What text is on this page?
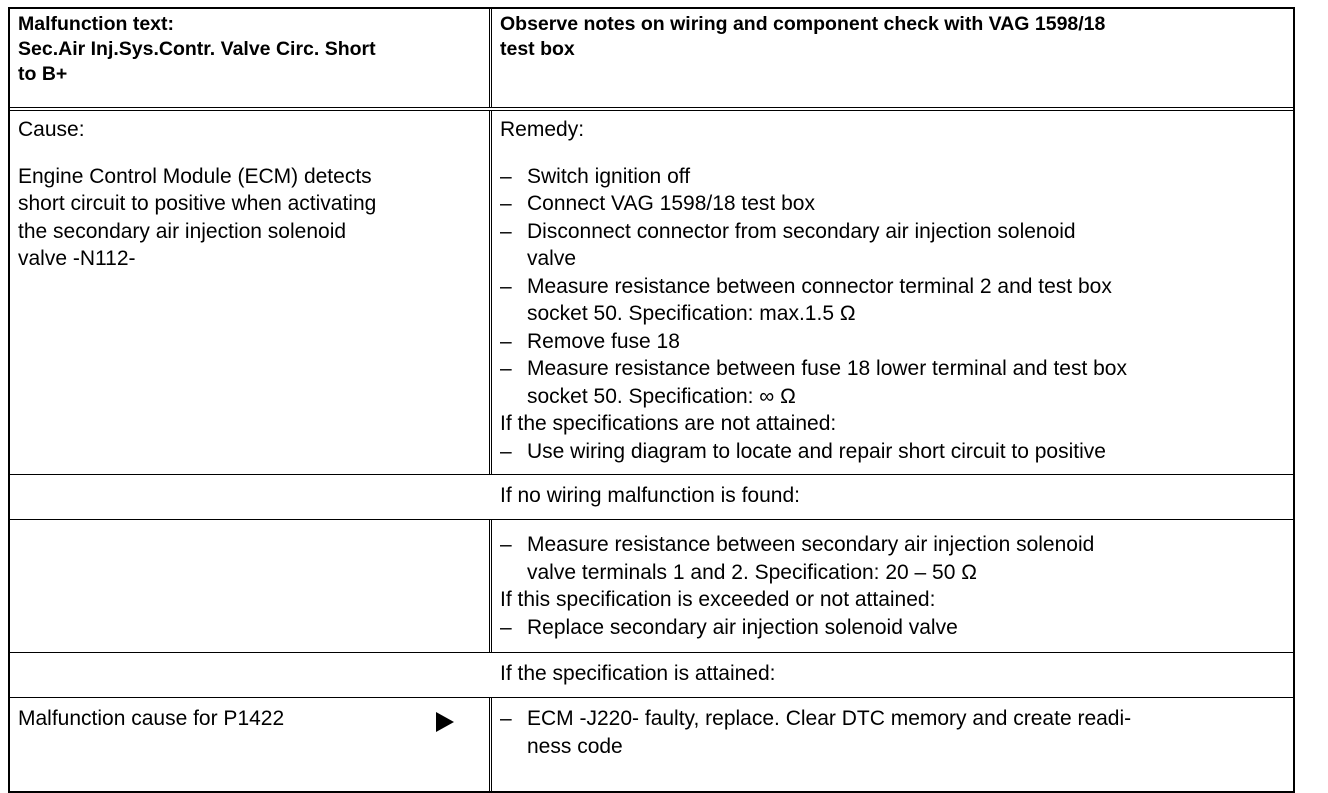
Malfunction text:
Sec.Air Inj.Sys.Contr. Valve Circ. Short
to B+
Observe notes on wiring and component check with VAG 1598/18
test box
Cause:
Engine Control Module (ECM) detects
short circuit to positive when activating
the secondary air injection solenoid
valve -N112-
Remedy:
– Switch ignition off
– Connect VAG 1598/18 test box
– Disconnect connector from secondary air injection solenoid
valve
– Measure resistance between connector terminal 2 and test box
socket 50. Specification: max.1.5 Ω
– Remove fuse 18
– Measure resistance between fuse 18 lower terminal and test box
socket 50. Specification: ∞ Ω
If the specifications are not attained:
– Use wiring diagram to locate and repair short circuit to positive
If no wiring malfunction is found:
– Measure resistance between secondary air injection solenoid
valve terminals 1 and 2. Specification: 20 – 50 Ω
If this specification is exceeded or not attained:
– Replace secondary air injection solenoid valve
If the specification is attained:
Malfunction cause for P1422
–	ECM -J220- faulty, replace. Clear DTC memory and create readi-
ness code
